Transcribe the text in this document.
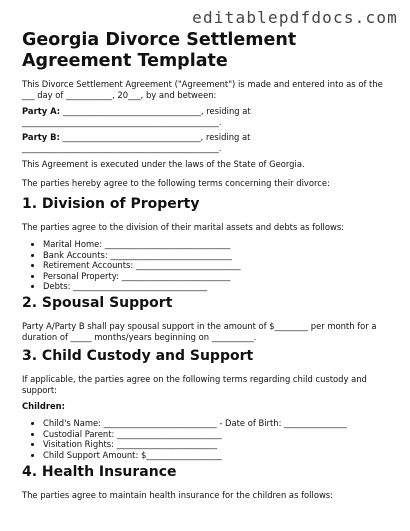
editablepdfdocs.com
Georgia Divorce Settlement Agreement Template

This Divorce Settlement Agreement ("Agreement") is made and entered into as of the ___ day of ___________, 20___, by and between:

Party A: _________________________________, residing at

_______________________________________________.

Party B: _________________________________, residing at

_______________________________________________.

This Agreement is executed under the laws of the State of Georgia.

The parties hereby agree to the following terms concerning their divorce:

1. Division of Property

The parties agree to the division of their marital assets and debts as follows:

• Marital Home: ______________________________
• Bank Accounts: _____________________________
• Retirement Accounts: _________________________
• Personal Property: __________________________
• Debts: ________________________________
2. Spousal Support

Party A/Party B shall pay spousal support in the amount of $________ per month for a duration of _____ months/years beginning on __________.

3. Child Custody and Support

If applicable, the parties agree on the following terms regarding child custody and support:

Children:

• Child's Name: ___________________________ - Date of Birth: _______________
• Custodial Parent: _________________________
• Visitation Rights: ________________________
• Child Support Amount: $__________________
4. Health Insurance

The parties agree to maintain health insurance for the children as follows:
